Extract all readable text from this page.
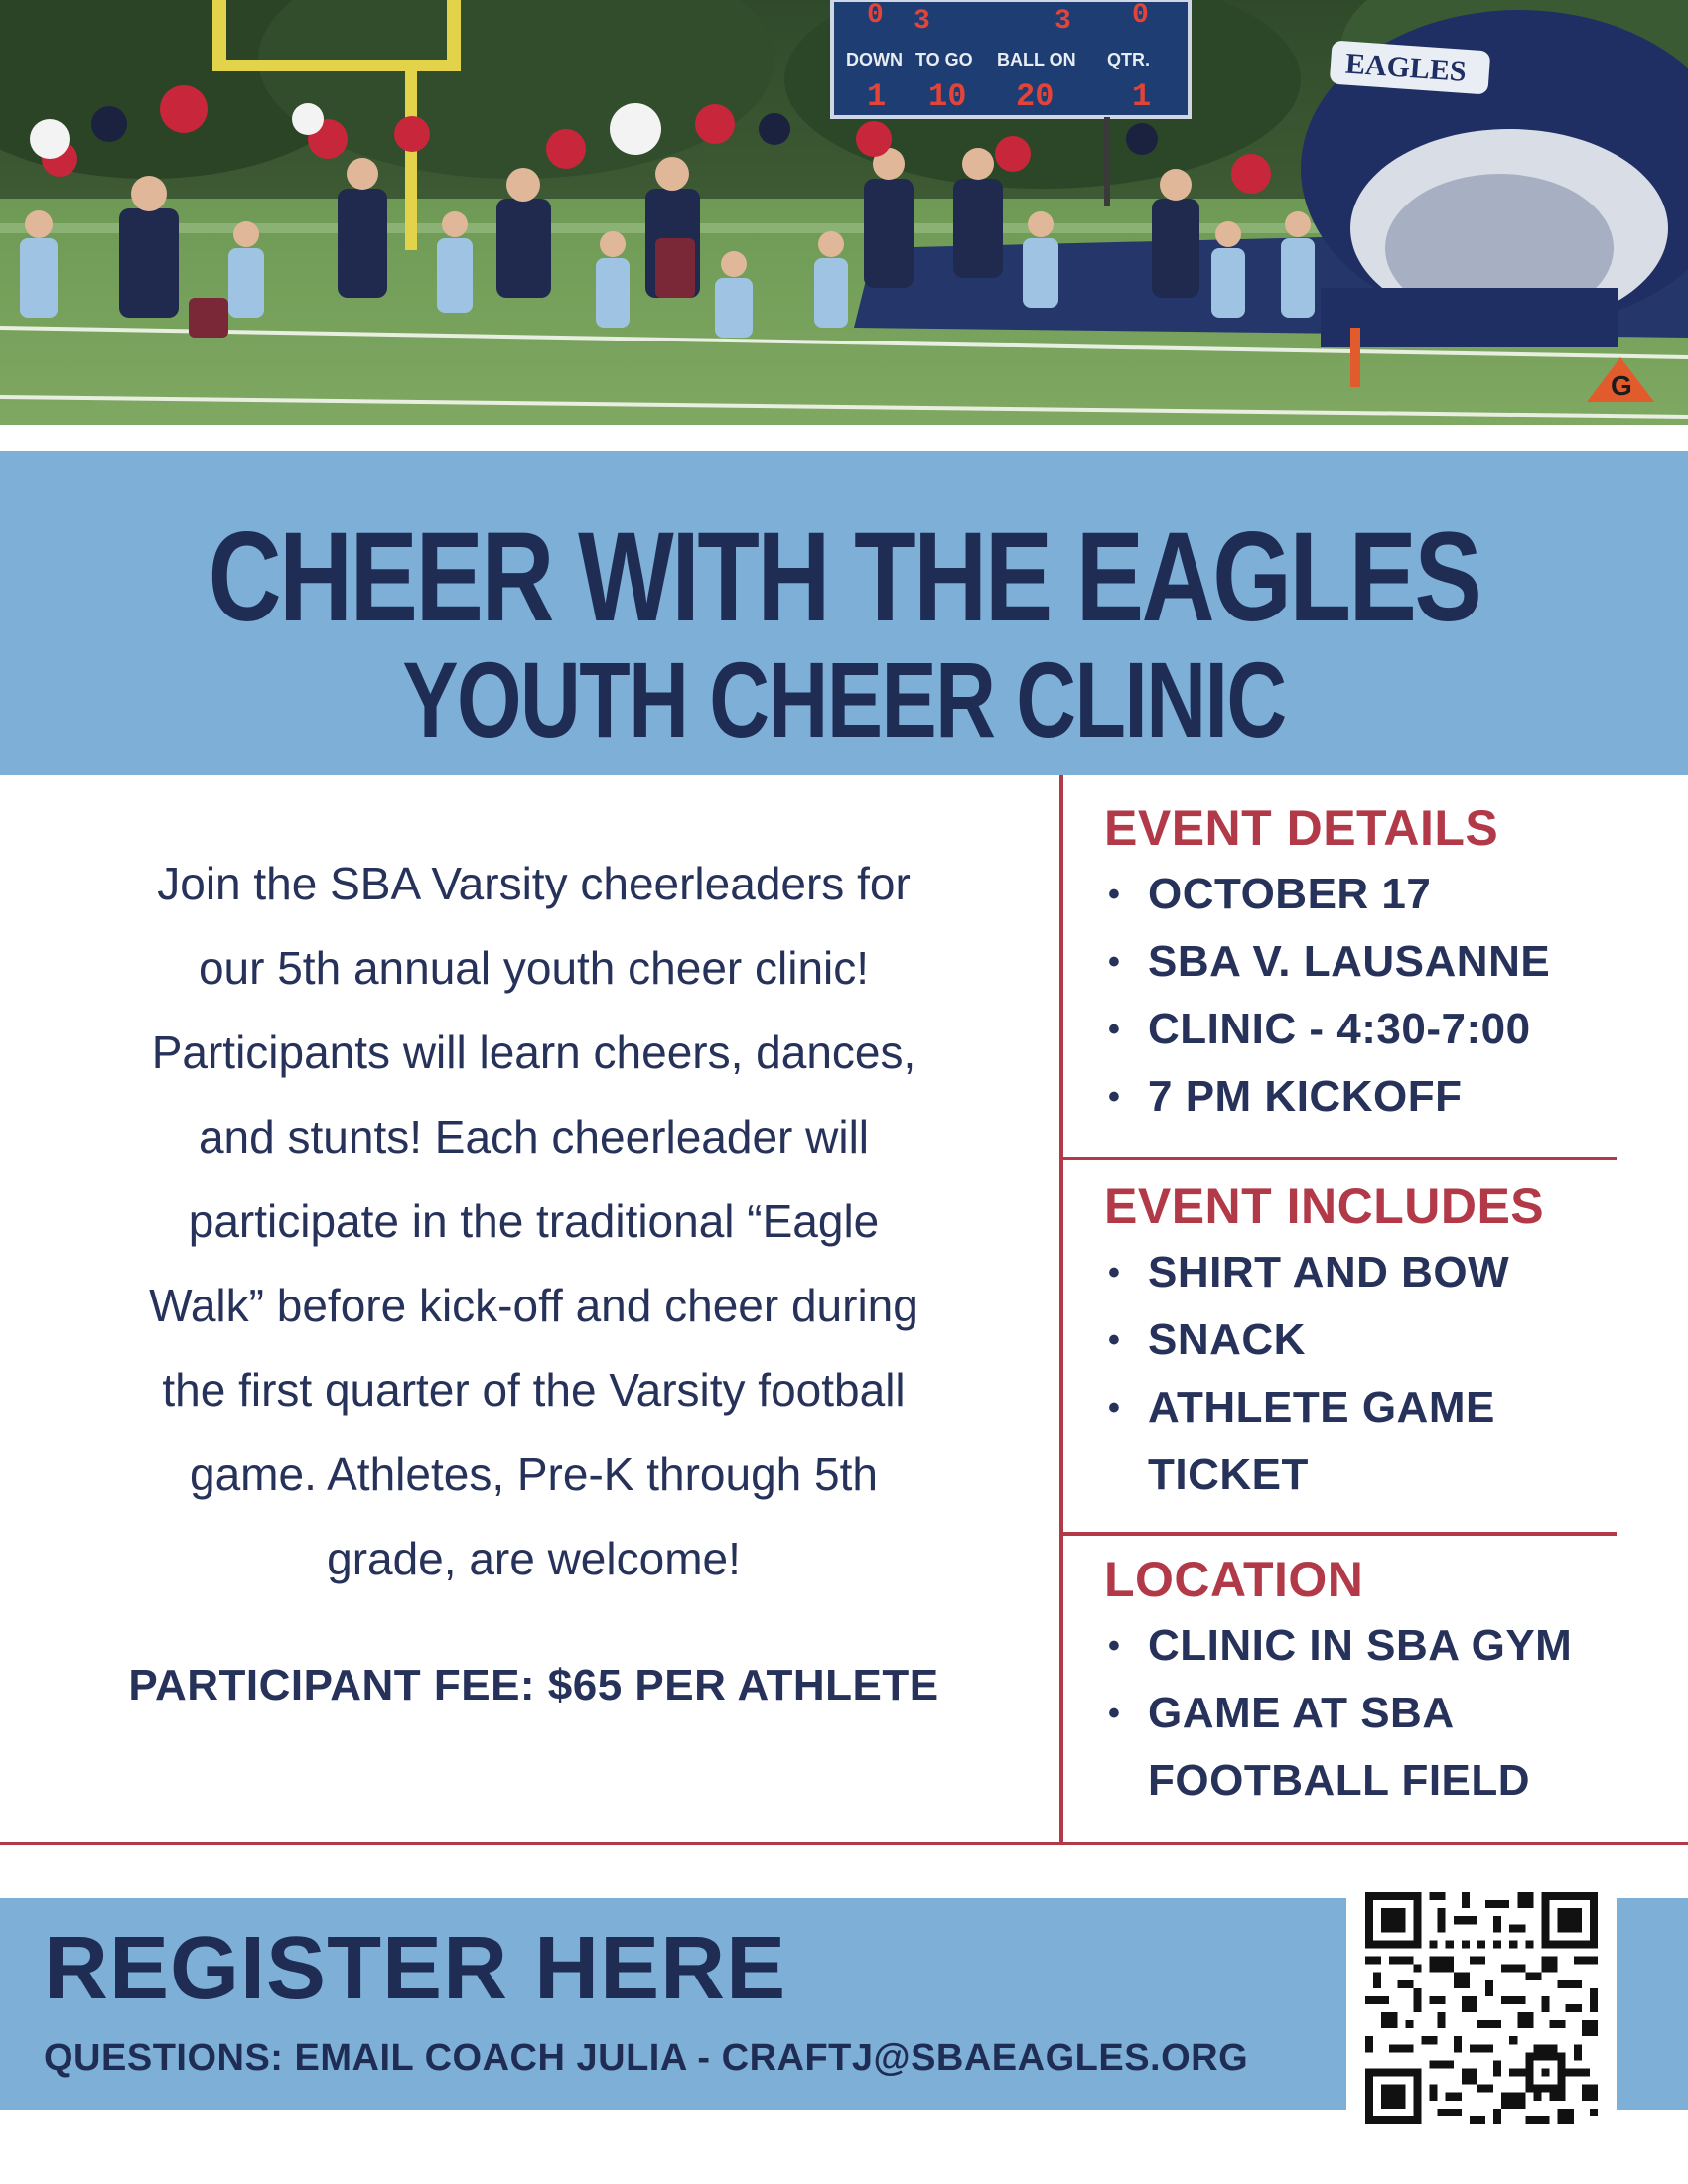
0 3	3 0
1 10 20 1
DOWN TO GO BALL ON QTR.	EAGLES
G
CHEER WITH THE EAGLES
YOUTH CHEER CLINIC

Join the SBA Varsity cheerleaders for
our 5th annual youth cheer clinic!
Participants will learn cheers, dances,
and stunts! Each cheerleader will
participate in the traditional “Eagle
Walk” before kick-off and cheer during
the first quarter of the Varsity football
game. Athletes, Pre-K through 5th
grade, are welcome!

PARTICIPANT FEE: $65 PER ATHLETE
EVENT DETAILS
• OCTOBER 17
• SBA V. LAUSANNE
• CLINIC - 4:30-7:00
• 7 PM KICKOFF
EVENT INCLUDES
• SHIRT AND BOW
• SNACK
• ATHLETE GAME TICKET
LOCATION
• CLINIC IN SBA GYM
• GAME AT SBA FOOTBALL FIELD
REGISTER HERE
QUESTIONS: EMAIL COACH JULIA - CRAFTJ@SBAEAGLES.ORG
